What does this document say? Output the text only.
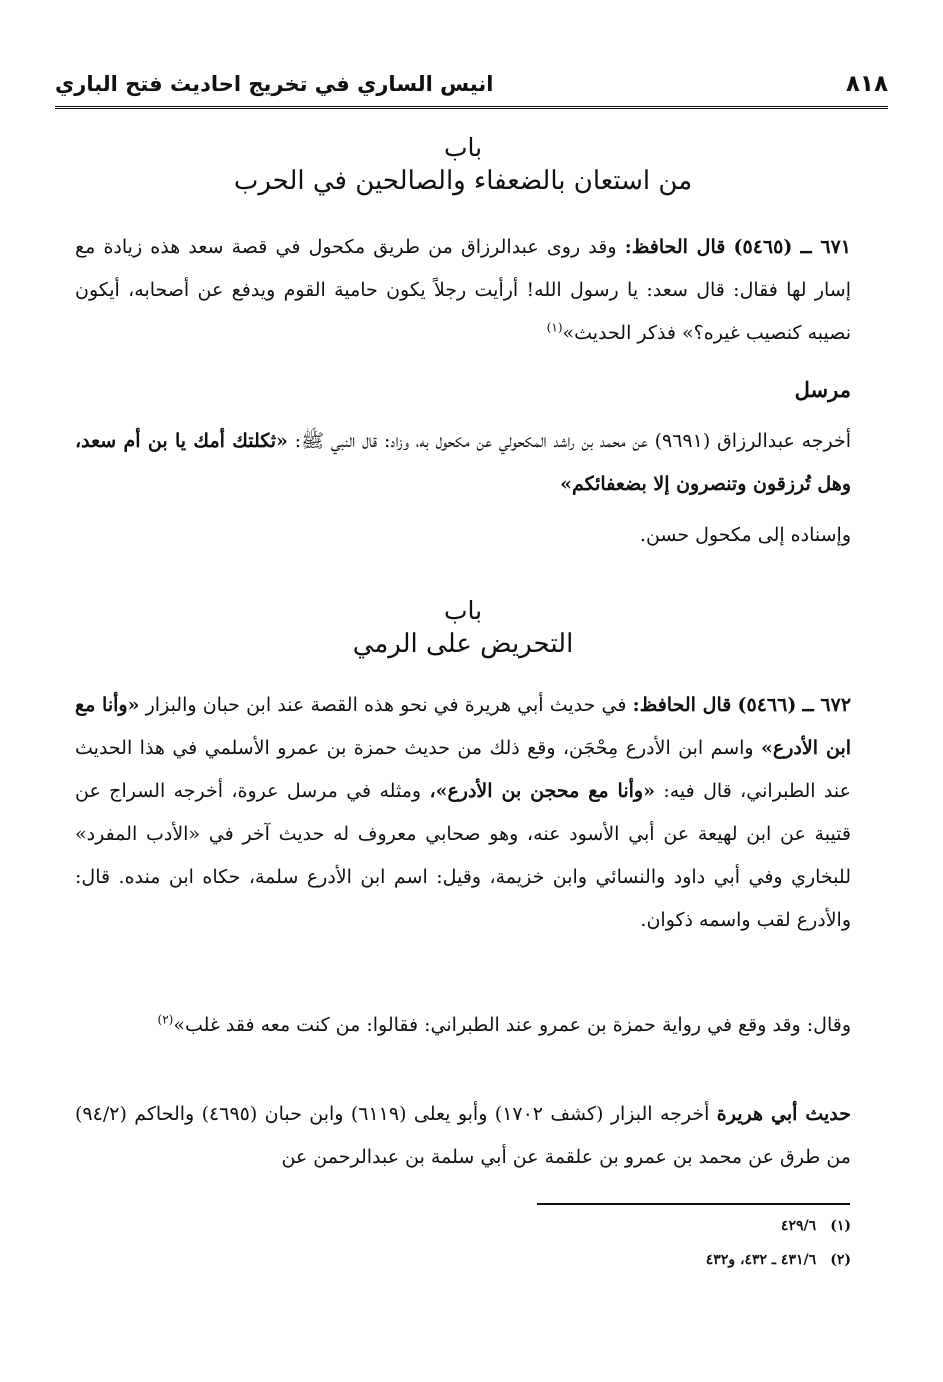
٨١٨
انيس الساري في تخريج احاديث فتح الباري
باب
من استعان بالضعفاء والصالحين في الحرب
٦٧١ ــ (٥٤٦٥) قال الحافظ: وقد روى عبدالرزاق من طريق مكحول في قصة سعد هذه زيادة مع إسار لها فقال: قال سعد: يا رسول الله! أرأيت رجلاً يكون حامية القوم ويدفع عن أصحابه، أيكون نصيبه كنصيب غيره؟» فذكر الحديث»$^{(١)}$
مرسل
أخرجه عبدالرزاق (٩٦٩١) عن محمد بن راشد المكحولي عن مكحول به، وزاد: قال النبي ﷺ: «ثكلتك أمك يا بن أم سعد، وهل تُرزقون وتنصرون إلا بضعفائكم»
وإسناده إلى مكحول حسن.
باب
التحريض على الرمي
٦٧٢ ــ (٥٤٦٦) قال الحافظ: في حديث أبي هريرة في نحو هذه القصة عند ابن حبان والبزار «وأنا مع ابن الأدرع» واسم ابن الأدرع مِحْجَن، وقع ذلك من حديث حمزة بن عمرو الأسلمي في هذا الحديث عند الطبراني، قال فيه: «وأنا مع محجن بن الأدرع»، ومثله في مرسل عروة، أخرجه السراج عن قتيبة عن ابن لهيعة عن أبي الأسود عنه، وهو صحابي معروف له حديث آخر في «الأدب المفرد» للبخاري وفي أبي داود والنسائي وابن خزيمة، وقيل: اسم ابن الأدرع سلمة، حكاه ابن منده. قال: والأدرع لقب واسمه ذكوان.
وقال: وقد وقع في رواية حمزة بن عمرو عند الطبراني: فقالوا: من كنت معه فقد غلب»$^{(٢)}$
حديث أبي هريرة أخرجه البزار (كشف ١٧٠٢) وأبو يعلى (٦١١٩) وابن حبان (٤٦٩٥) والحاكم (٩٤/٢) من طرق عن محمد بن عمرو بن علقمة عن أبي سلمة بن عبدالرحمن عن
(١) ٤٢٩/٦
(٢) ٤٣١/٦ ـ ٤٣٢، و٤٣٢
